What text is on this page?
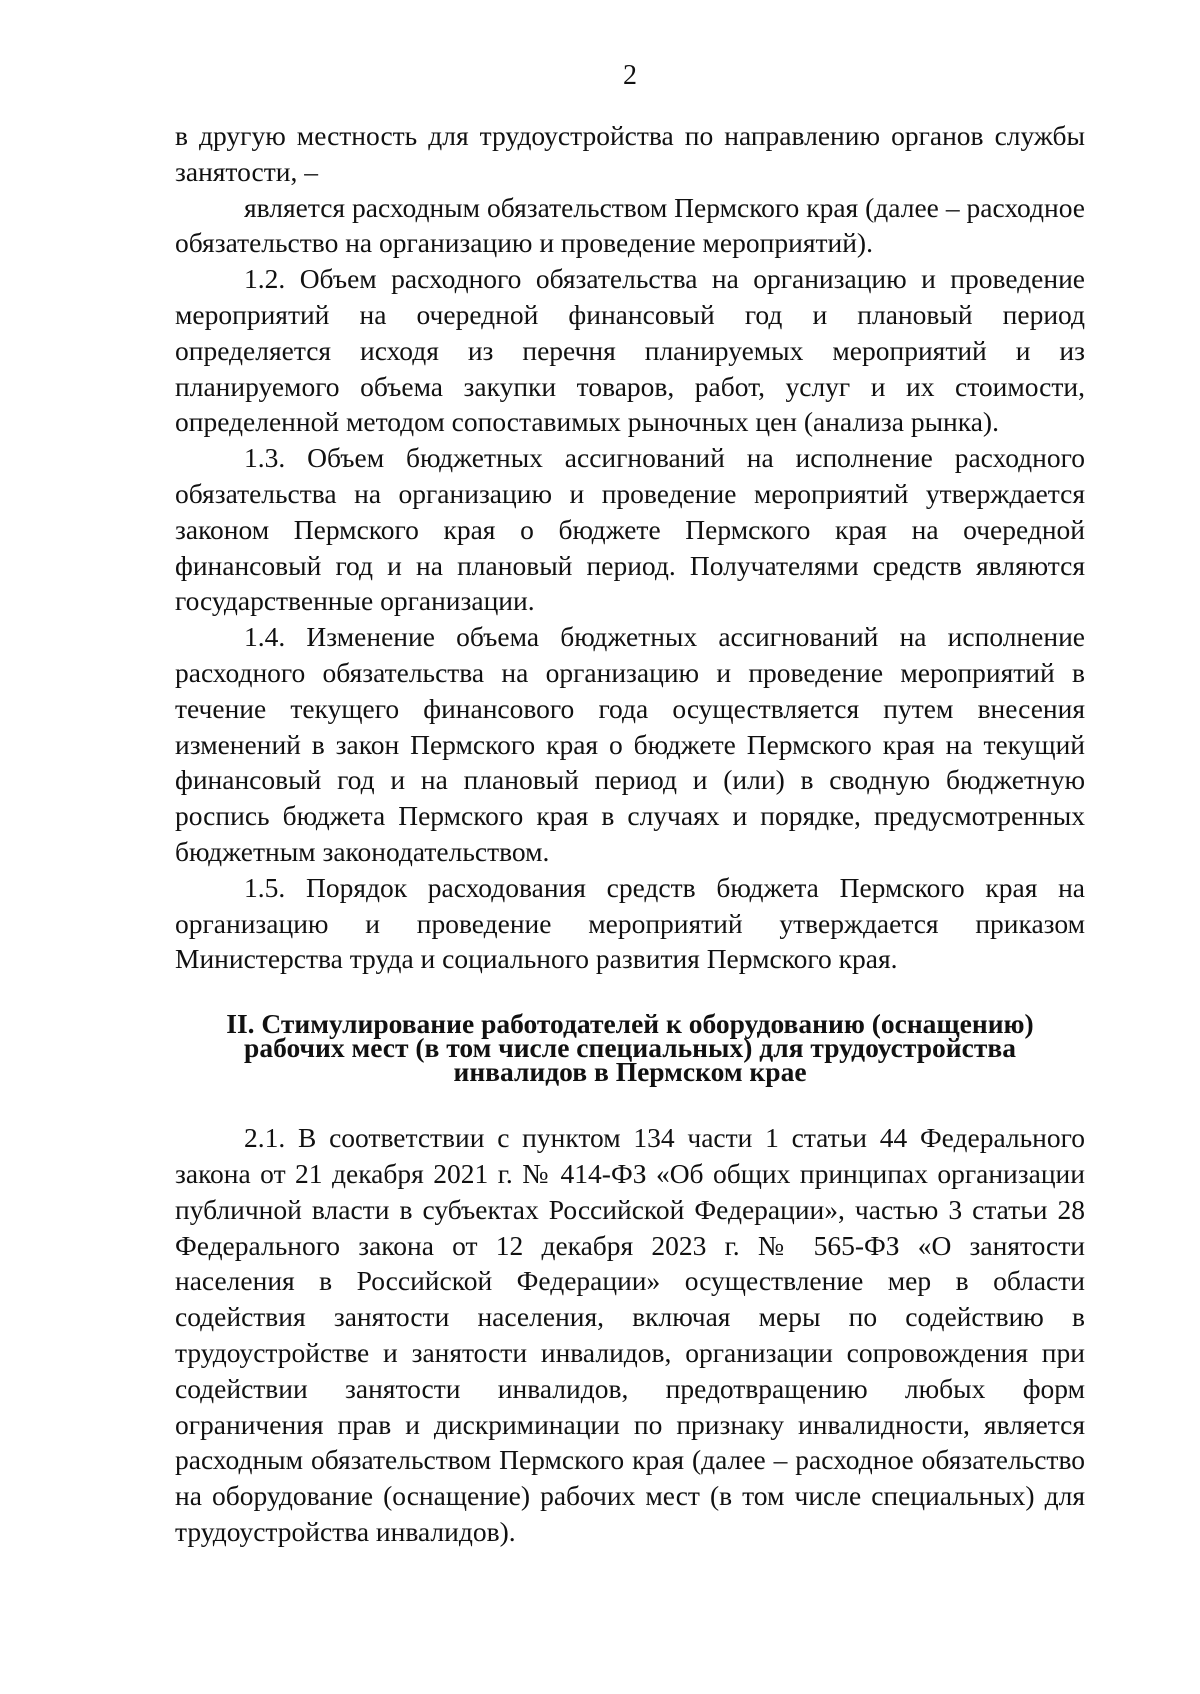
2

в другую местность для трудоустройства по направлению органов службы занятости, –

является расходным обязательством Пермского края (далее – расходное обязательство на организацию и проведение мероприятий).

1.2. Объем расходного обязательства на организацию и проведение мероприятий на очередной финансовый год и плановый период определяется исходя из перечня планируемых мероприятий и из планируемого объема закупки товаров, работ, услуг и их стоимости, определенной методом сопоставимых рыночных цен (анализа рынка).

1.3. Объем бюджетных ассигнований на исполнение расходного обязательства на организацию и проведение мероприятий утверждается законом Пермского края о бюджете Пермского края на очередной финансовый год и на плановый период. Получателями средств являются государственные организации.

1.4. Изменение объема бюджетных ассигнований на исполнение расходного обязательства на организацию и проведение мероприятий в течение текущего финансового года осуществляется путем внесения изменений в закон Пермского края о бюджете Пермского края на текущий финансовый год и на плановый период и (или) в сводную бюджетную роспись бюджета Пермского края в случаях и порядке, предусмотренных бюджетным законодательством.

1.5. Порядок расходования средств бюджета Пермского края на организацию и проведение мероприятий утверждается приказом Министерства труда и социального развития Пермского края.

II. Стимулирование работодателей к оборудованию (оснащению)
рабочих мест (в том числе специальных) для трудоустройства
инвалидов в Пермском крае

2.1. В соответствии с пунктом 134 части 1 статьи 44 Федерального закона от 21 декабря 2021 г. № 414-ФЗ «Об общих принципах организации публичной власти в субъектах Российской Федерации», частью 3 статьи 28 Федерального закона от 12 декабря 2023 г. № 565-ФЗ «О занятости населения в Российской Федерации» осуществление мер в области содействия занятости населения, включая меры по содействию в трудоустройстве и занятости инвалидов, организации сопровождения при содействии занятости инвалидов, предотвращению любых форм ограничения прав и дискриминации по признаку инвалидности, является расходным обязательством Пермского края (далее – расходное обязательство на оборудование (оснащение) рабочих мест (в том числе специальных) для трудоустройства инвалидов).
